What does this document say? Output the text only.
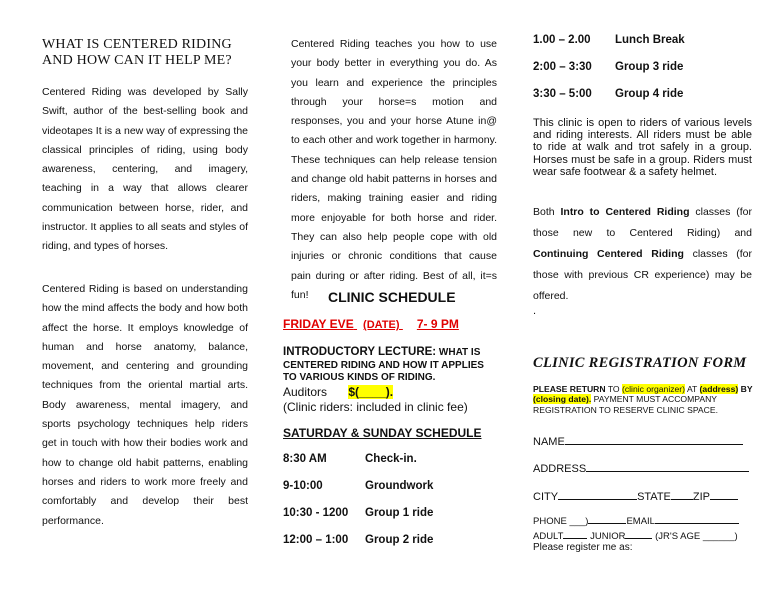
WHAT IS CENTERED RIDING
AND HOW CAN IT HELP ME?

Centered Riding was developed by Sally Swift, author of the best-selling book and videotapes It is a new way of expressing the classical principles of riding, using body awareness, centering, and imagery, teaching in a way that allows clearer communication between horse, rider, and instructor. It applies to all seats and styles of riding, and types of horses.

Centered Riding is based on understanding how the mind affects the body and how both affect the horse. It employs knowledge of human and horse anatomy, balance, movement, and centering and grounding techniques from the oriental martial arts. Body awareness, mental imagery, and sports psychology techniques help riders get in touch with how their bodies work and how to change old habit patterns, enabling horses and riders to work more freely and comfortably and develop their best performance.

Centered Riding teaches you how to use your body better in everything you do. As you learn and experience the principles through your horse=s motion and responses, you and your horse Atune in@ to each other and work together in harmony. These techniques can help release tension and change old habit patterns in horses and riders, making training easier and riding more enjoyable for both horse and rider. They can also help people cope with old injuries or chronic conditions that cause pain during or after riding. Best of all, it=s fun!	CLINIC SCHEDULE
FRIDAY EVE (DATE) 7- 9 PM
INTRODUCTORY LECTURE: WHAT IS CENTERED RIDING AND HOW IT APPLIES TO VARIOUS KINDS OF RIDING.
Auditors $(____).
(Clinic riders: included in clinic fee)
SATURDAY & SUNDAY SCHEDULE
8:30 AM	Check-in.
9-10:00	Groundwork
10:30 - 1200	Group 1 ride
12:00 – 1:00	Group 2 ride
1.00 – 2.00	Lunch Break
2:00 – 3:30	Group 3 ride
3:30 – 5:00	Group 4 ride

This clinic is open to riders of various levels and riding interests. All riders must be able to ride at walk and trot safely in a group. Horses must be safe in a group. Riders must wear safe footwear & a safety helmet.

Both Intro to Centered Riding classes (for those new to Centered Riding) and Continuing Centered Riding classes (for those with previous CR experience) may be offered.

.
CLINIC REGISTRATION FORM
PLEASE RETURN TO (clinic organizer) AT (address) BY (closing date). PAYMENT MUST ACCOMPANY REGISTRATION TO RESERVE CLINIC SPACE.
NAME
ADDRESS
CITY	STATE ZIP
PHONE ___)	EMAIL
ADULT	JUNIOR	(JR'S AGE ______)
Please register me as:
